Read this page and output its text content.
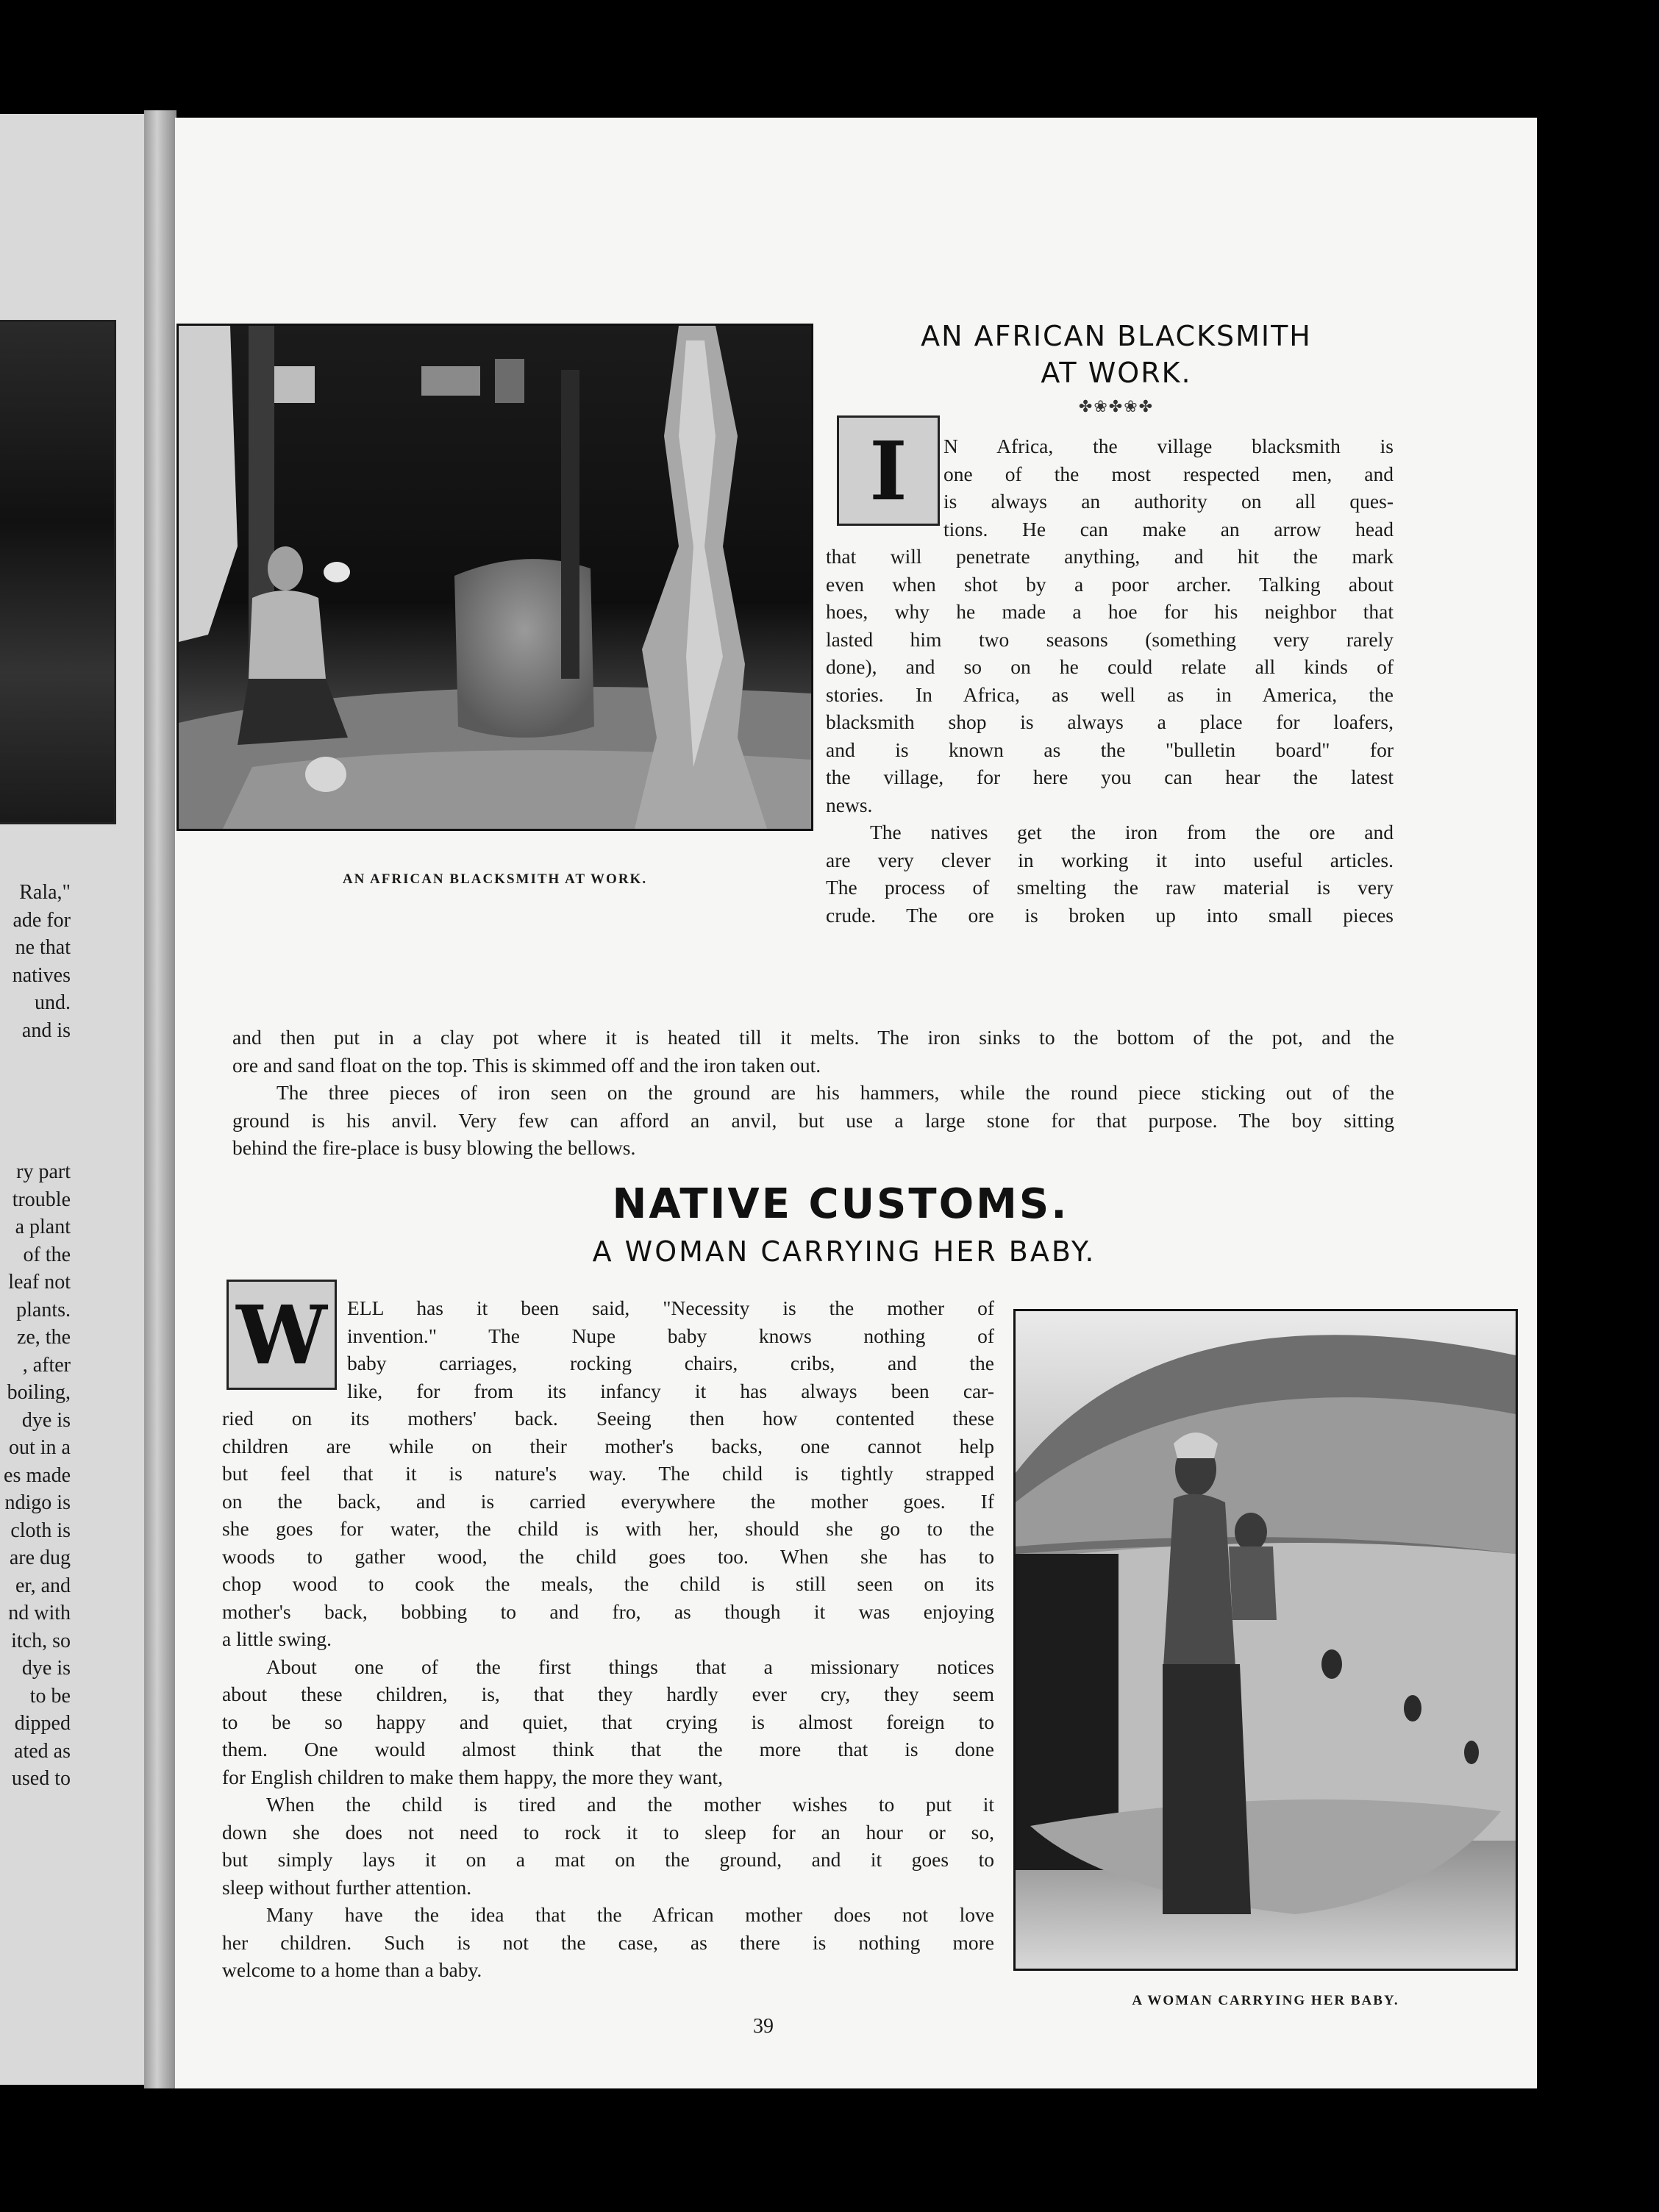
Rala,"
ade for
ne that
natives
und.
and is
ry part
trouble
a plant
of the
leaf not
plants.
ze, the
, after
boiling,
dye is
out in a
es made
ndigo is
cloth is
are dug
er, and
nd with
itch, so
dye is
to be
dipped
ated as
used to
AN AFRICAN BLACKSMITH AT WORK.
AN AFRICAN BLACKSMITH
AT WORK.
✤❀✤❀✤
I	N Africa, the village blacksmith is
one of the most respected men, and
is always an authority on all ques-
tions. He can make an arrow head
that will penetrate anything, and hit the mark
even when shot by a poor archer. Talking about
hoes, why he made a hoe for his neighbor that
lasted him two seasons (something very rarely
done), and so on he could relate all kinds of
stories. In Africa, as well as in America, the
blacksmith shop is always a place for loafers,
and is known as the "bulletin board" for
the village, for here you can hear the latest
news.
The natives get the iron from the ore and
are very clever in working it into useful articles.
The process of smelting the raw material is very
crude. The ore is broken up into small pieces
and then put in a clay pot where it is heated till it melts. The iron sinks to the bottom of the pot, and the
ore and sand float on the top. This is skimmed off and the iron taken out.
The three pieces of iron seen on the ground are his hammers, while the round piece sticking out of the
ground is his anvil. Very few can afford an anvil, but use a large stone for that purpose. The boy sitting
behind the fire-place is busy blowing the bellows.
NATIVE CUSTOMS.
A WOMAN CARRYING HER BABY.
W ELL has it been said, "Necessity is the mother of
invention." The Nupe baby knows nothing of
baby carriages, rocking chairs, cribs, and the
like, for from its infancy it has always been car-
ried on its mothers' back. Seeing then how contented these
children are while on their mother's backs, one cannot help
but feel that it is nature's way. The child is tightly strapped
on the back, and is carried everywhere the mother goes. If
she goes for water, the child is with her, should she go to the
woods to gather wood, the child goes too. When she has to
chop wood to cook the meals, the child is still seen on its
mother's back, bobbing to and fro, as though it was enjoying
a little swing.
About one of the first things that a missionary notices
about these children, is, that they hardly ever cry, they seem
to be so happy and quiet, that crying is almost foreign to
them. One would almost think that the more that is done
for English children to make them happy, the more they want,
When the child is tired and the mother wishes to put it
down she does not need to rock it to sleep for an hour or so,
but simply lays it on a mat on the ground, and it goes to
sleep without further attention.
Many have the idea that the African mother does not love
her children. Such is not the case, as there is nothing more
welcome to a home than a baby.
A WOMAN CARRYING HER BABY.
39
